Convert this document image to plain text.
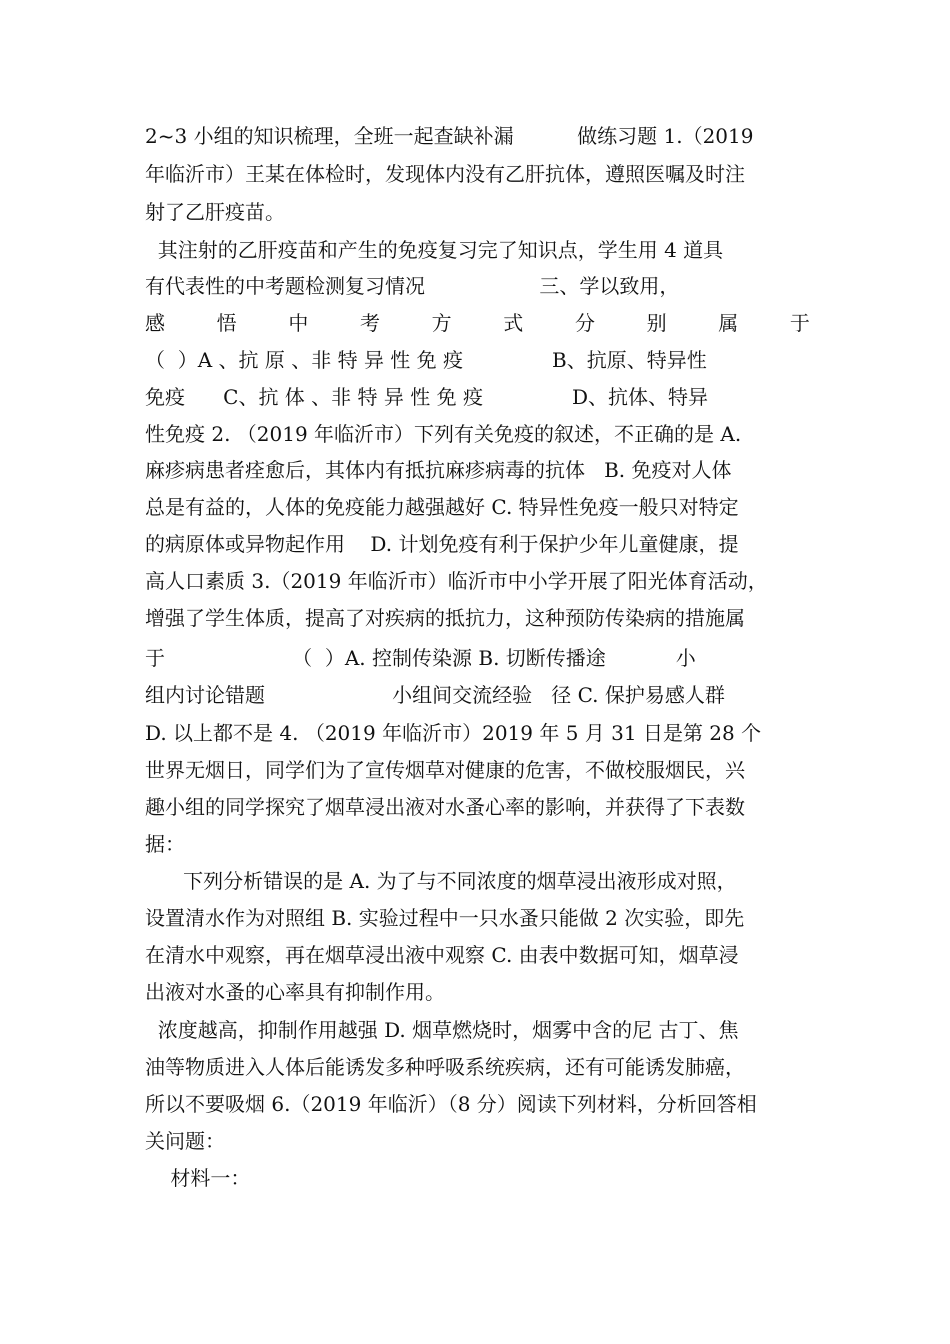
2~3 小组的知识梳理，全班一起查缺补漏          做练习题 1.（2019
年临沂市）王某在体检时，发现体内没有乙肝抗体，遵照医嘱及时注
射了乙肝疫苗。
其注射的乙肝疫苗和产生的免疫复习完了知识点，学生用 4 道具
有代表性的中考题检测复习情况                  三、学以致用，
感	悟	中	考	方	式	分	别	属	于
（  ）A 、抗 原 、非 特 异 性 免 疫              B、抗原、特异性
免疫      C、抗 体 、非 特 异 性 免 疫              D、抗体、特异
性免疫 2. （2019 年临沂市）下列有关免疫的叙述，不正确的是 A.
麻疹病患者痊愈后，其体内有抵抗麻疹病毒的抗体   B. 免疫对人体
总是有益的，人体的免疫能力越强越好 C. 特异性免疫一般只对特定
的病原体或异物起作用    D. 计划免疫有利于保护少年儿童健康，提
高人口素质 3.（2019 年临沂市）临沂市中小学开展了阳光体育活动，
增强了学生体质，提高了对疾病的抵抗力，这种预防传染病的措施属
于                    （  ）A. 控制传染源 B. 切断传播途           小
组内讨论错题                    小组间交流经验   径 C. 保护易感人群
D. 以上都不是 4. （2019 年临沂市）2019 年 5 月 31 日是第 28 个
世界无烟日，同学们为了宣传烟草对健康的危害，不做校服烟民，兴
趣小组的同学探究了烟草浸出液对水蚤心率的影响，并获得了下表数
据：
下列分析错误的是 A. 为了与不同浓度的烟草浸出液形成对照，
设置清水作为对照组 B. 实验过程中一只水蚤只能做 2 次实验，即先
在清水中观察，再在烟草浸出液中观察 C. 由表中数据可知，烟草浸
出液对水蚤的心率具有抑制作用。
浓度越高，抑制作用越强 D. 烟草燃烧时，烟雾中含的尼 古丁、焦
油等物质进入人体后能诱发多种呼吸系统疾病，还有可能诱发肺癌，
所以不要吸烟 6.（2019 年临沂）（8 分）阅读下列材料，分析回答相
关问题：
材料一：
